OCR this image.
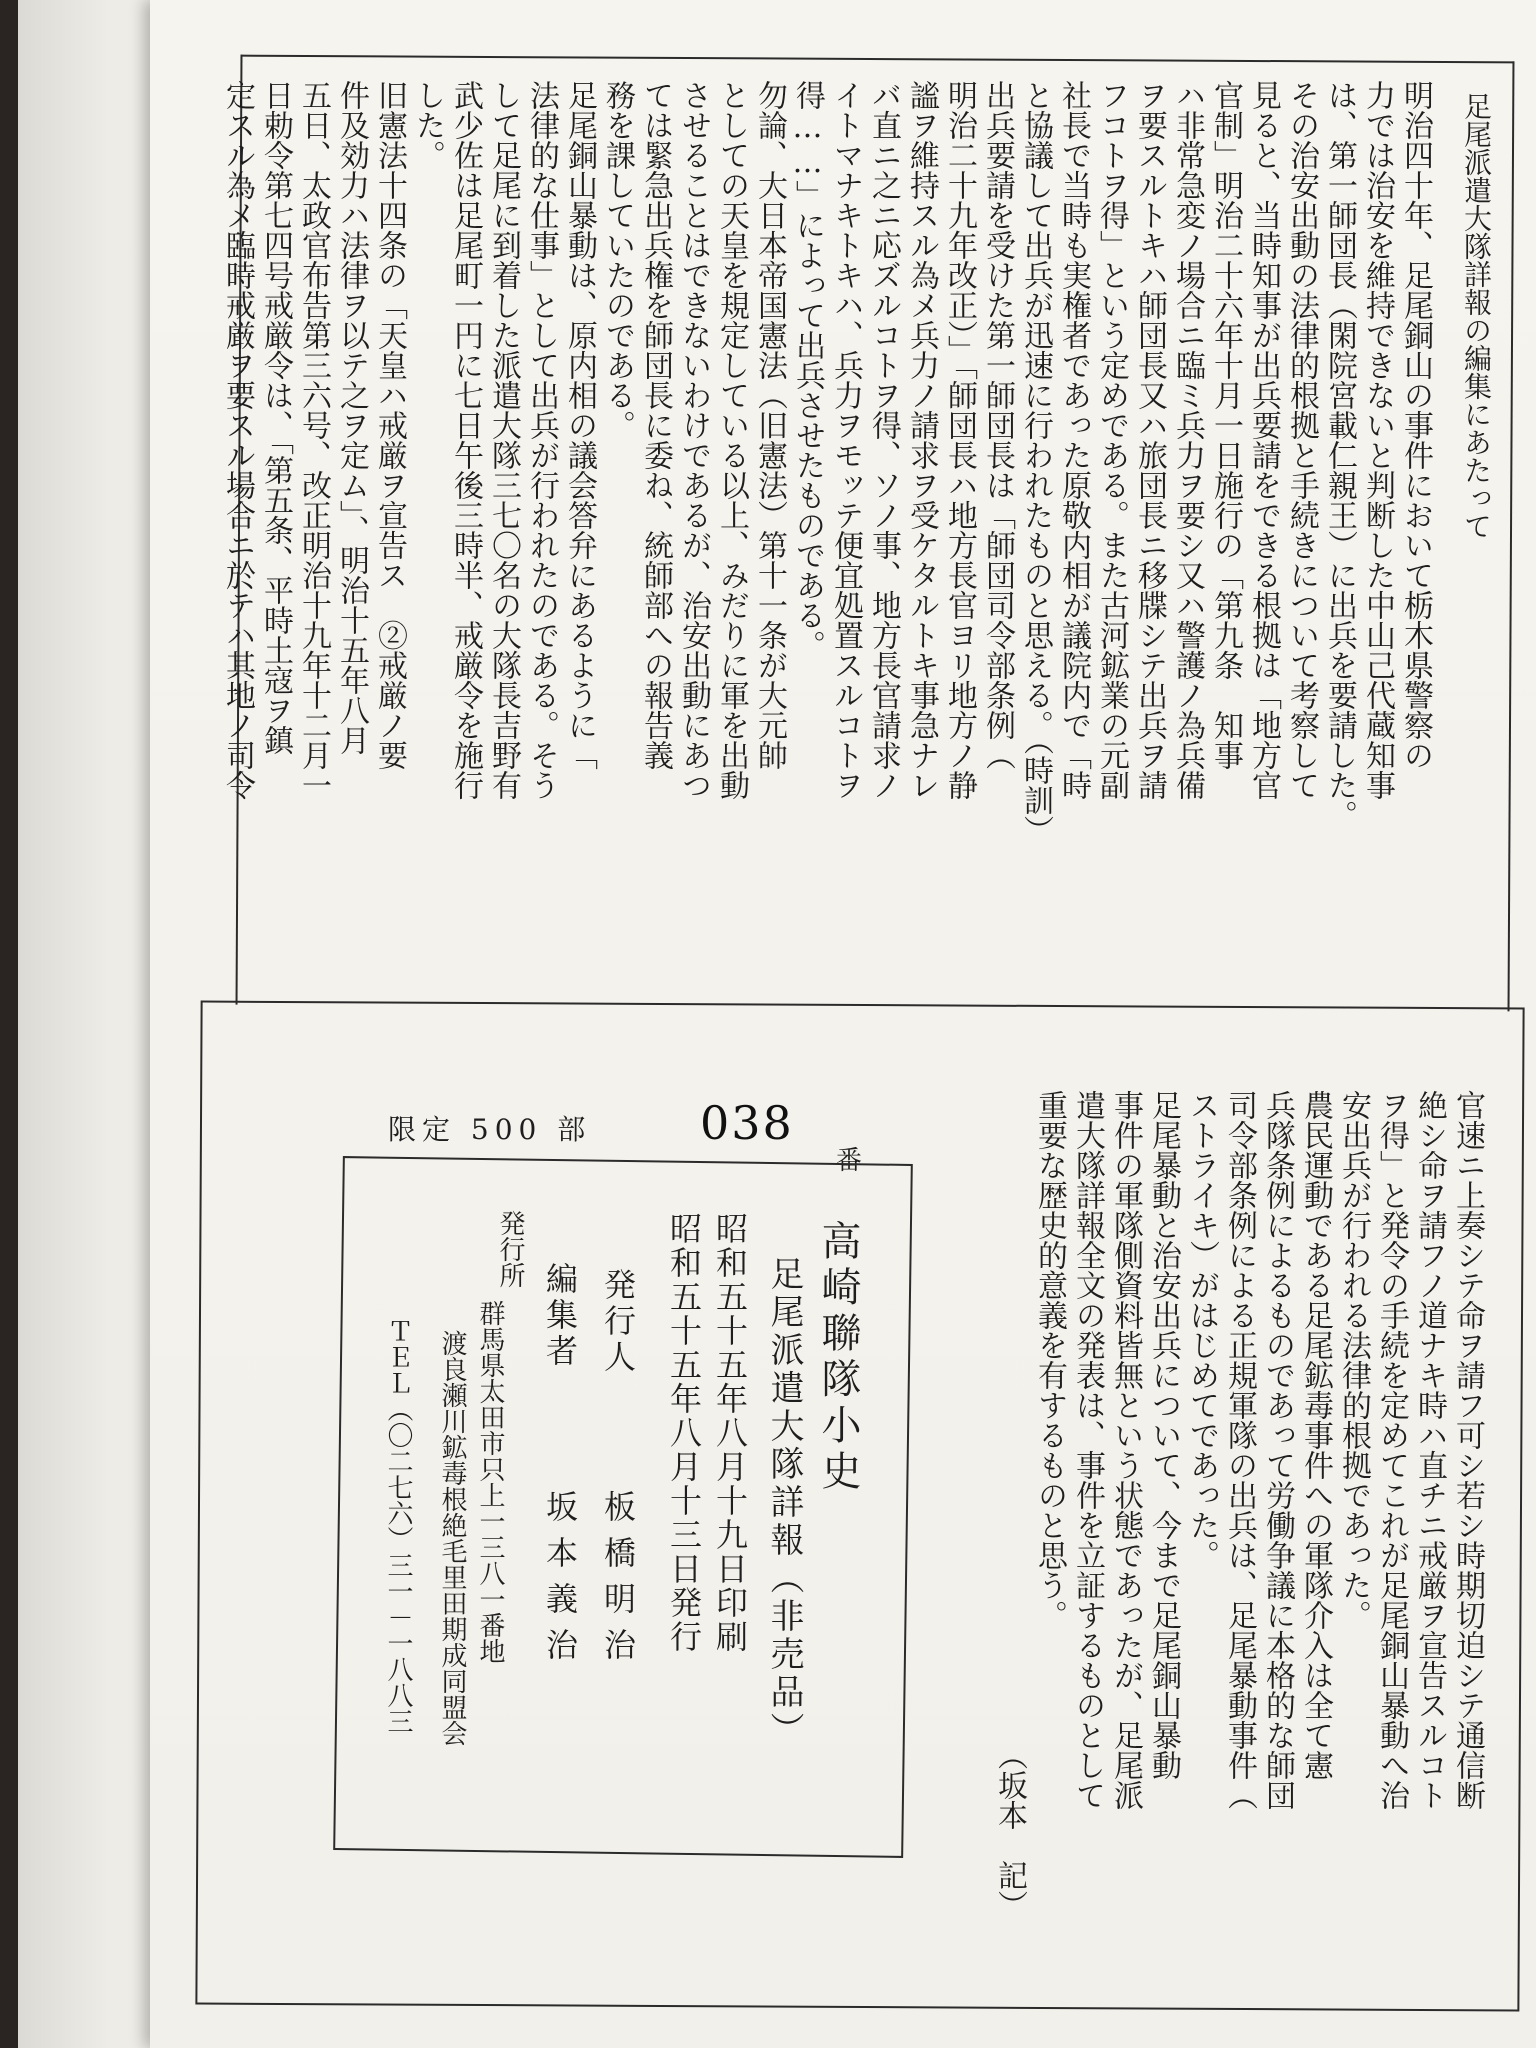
足尾派遣大隊詳報の編集にあたって
明治四十年、足尾銅山の事件において栃木県警察の
力では治安を維持できないと判断した中山己代蔵知事
は、第一師団長（閑院宮載仁親王）に出兵を要請した。
その治安出動の法律的根拠と手続きについて考察して
見ると、当時知事が出兵要請をできる根拠は「地方官
官制」明治二十六年十月一日施行の「第九条　知事
ハ非常急変ノ場合ニ臨ミ兵力ヲ要シ又ハ警護ノ為兵備
ヲ要スルトキハ師団長又ハ旅団長ニ移牒シテ出兵ヲ請
フコトヲ得」という定めである。また古河鉱業の元副
社長で当時も実権者であった原敬内相が議院内で「時
と協議して出兵が迅速に行われたものと思える。（時訓）
出兵要請を受けた第一師団長は「師団司令部条例（
明治二十九年改正）」「師団長ハ地方長官ヨリ地方ノ静
謐ヲ維持スル為メ兵力ノ請求ヲ受ケタルトキ事急ナレ
バ直ニ之ニ応ズルコトヲ得、ソノ事、地方長官請求ノ
イトマナキトキハ、兵力ヲモッテ便宜処置スルコトヲ
得……」によって出兵させたものである。
勿論、大日本帝国憲法（旧憲法）第十一条が大元帥
としての天皇を規定している以上、みだりに軍を出動
させることはできないわけであるが、治安出動にあつ
ては緊急出兵権を師団長に委ね、統師部への報告義
務を課していたのである。
足尾銅山暴動は、原内相の議会答弁にあるように「
法律的な仕事」として出兵が行われたのである。そう
して足尾に到着した派遣大隊三七〇名の大隊長吉野有
武少佐は足尾町一円に七日午後三時半、戒厳令を施行
した。
旧憲法十四条の「天皇ハ戒厳ヲ宣告ス　②戒厳ノ要
件及効力ハ法律ヲ以テ之ヲ定ム」、明治十五年八月
五日、太政官布告第三六号、改正明治十九年十二月一
日勅令第七四号戒厳令は、「第五条、平時土寇ヲ鎮
定スル為メ臨時戒厳ヲ要スル場合ニ於テハ其地ノ司令
官速ニ上奏シテ命ヲ請フ可シ若シ時期切迫シテ通信断
絶シ命ヲ請フノ道ナキ時ハ直チニ戒厳ヲ宣告スルコト
ヲ得」と発令の手続を定めてこれが足尾銅山暴動へ治
安出兵が行われる法律的根拠であった。
農民運動である足尾鉱毒事件への軍隊介入は全て憲
兵隊条例によるものであって労働争議に本格的な師団
司令部条例による正規軍隊の出兵は、足尾暴動事件（
ストライキ）がはじめてであった。
足尾暴動と治安出兵について、今まで足尾銅山暴動
事件の軍隊側資料皆無という状態であったが、足尾派
遣大隊詳報全文の発表は、事件を立証するものとして
重要な歴史的意義を有するものと思う。
（坂本　記）
限定 500 部 038
番
高崎聯隊小史
足尾派遣大隊詳報（非売品）
昭和五十五年八月十九日印刷
昭和五十五年八月十三日発行
発行人
板橋明治
編集者
坂本義治
発行所
群馬県太田市只上一三八一番地
渡良瀬川鉱毒根絶毛里田期成同盟会
ＴＥＬ（〇二七六）三一－一八八三
